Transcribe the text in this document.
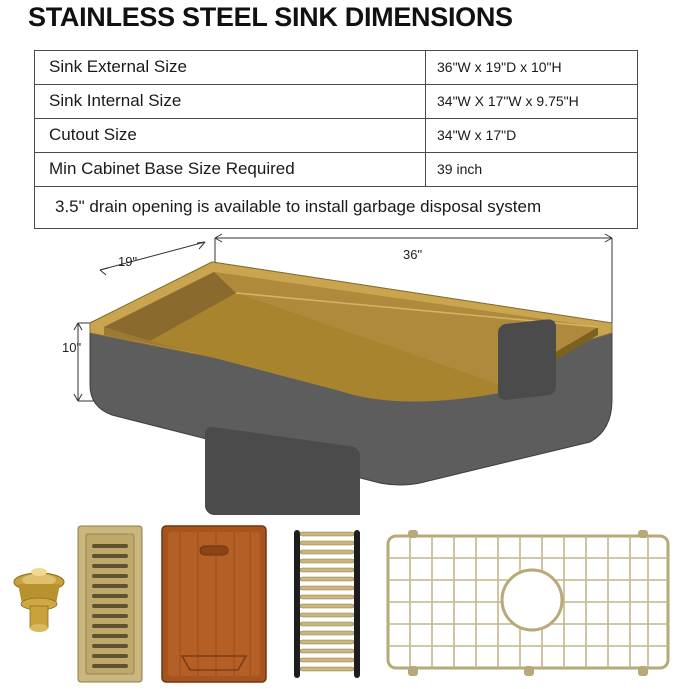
STAINLESS STEEL SINK DIMENSIONS
Sink External Size	36"W x 19"D x 10"H
Sink Internal Size	34"W X 17"W x 9.75"H
Cutout Size	34"W x 17"D
Min Cabinet Base Size Required	39 inch
3.5" drain opening is available to install garbage disposal system	
36"
19"
10"
